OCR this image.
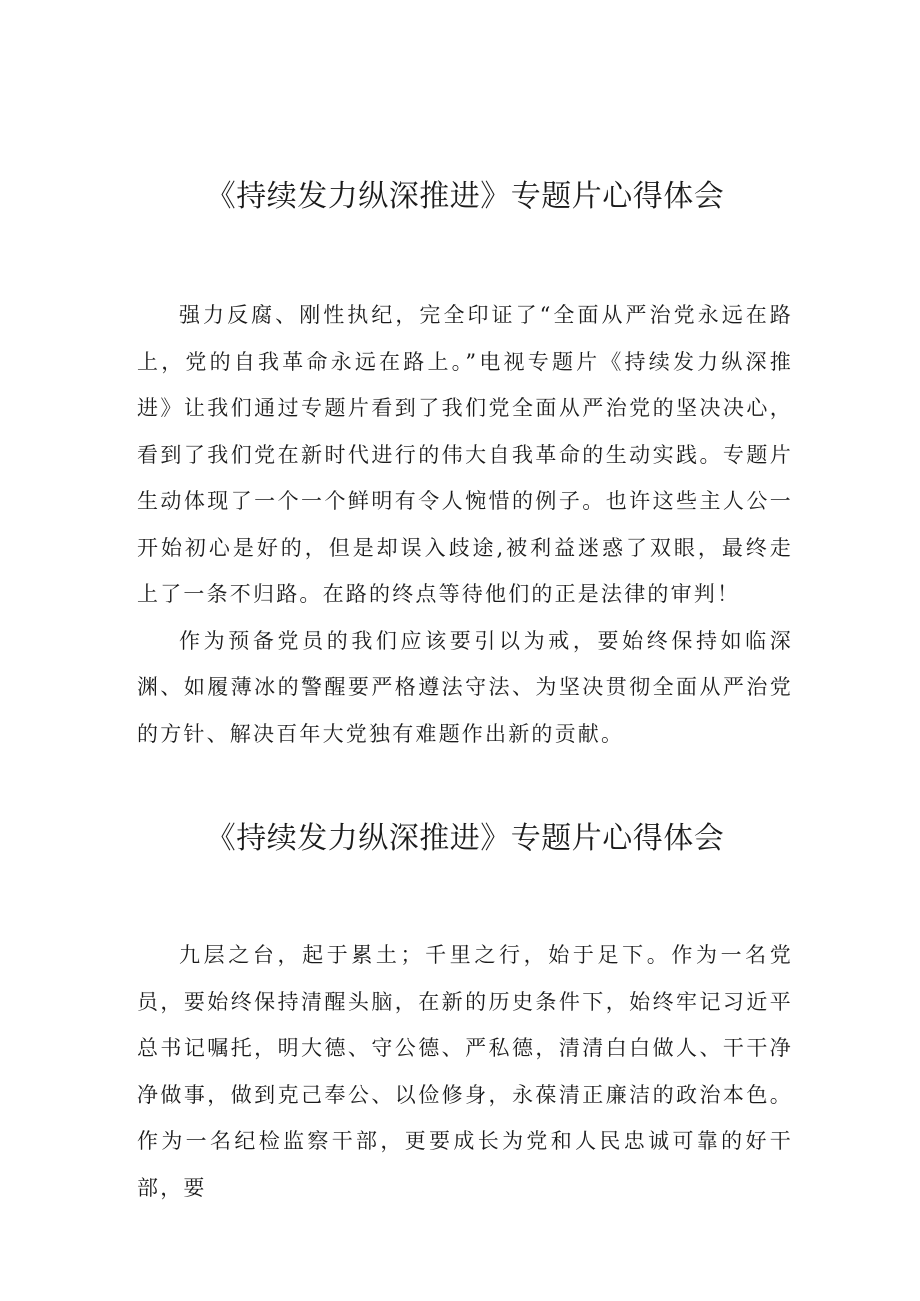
《持续发力纵深推进》专题片心得体会

强力反腐、刚性执纪，完全印证了“全面从严治党永远在路上，党的自我革命永远在路上。”电视专题片《持续发力纵深推进》让我们通过专题片看到了我们党全面从严治党的坚决决心，看到了我们党在新时代进行的伟大自我革命的生动实践。专题片生动体现了一个一个鲜明有令人惋惜的例子。也许这些主人公一开始初心是好的，但是却误入歧途,被利益迷惑了双眼，最终走上了一条不归路。在路的终点等待他们的正是法律的审判！

作为预备党员的我们应该要引以为戒，要始终保持如临深渊、如履薄冰的警醒要严格遵法守法、为坚决贯彻全面从严治党的方针、解决百年大党独有难题作出新的贡献。

《持续发力纵深推进》专题片心得体会

九层之台，起于累土；千里之行，始于足下。作为一名党员，要始终保持清醒头脑，在新的历史条件下，始终牢记习近平总书记嘱托，明大德、守公德、严私德，清清白白做人、干干净净做事，做到克己奉公、以俭修身，永葆清正廉洁的政治本色。作为一名纪检监察干部，更要成长为党和人民忠诚可靠的好干部，要
